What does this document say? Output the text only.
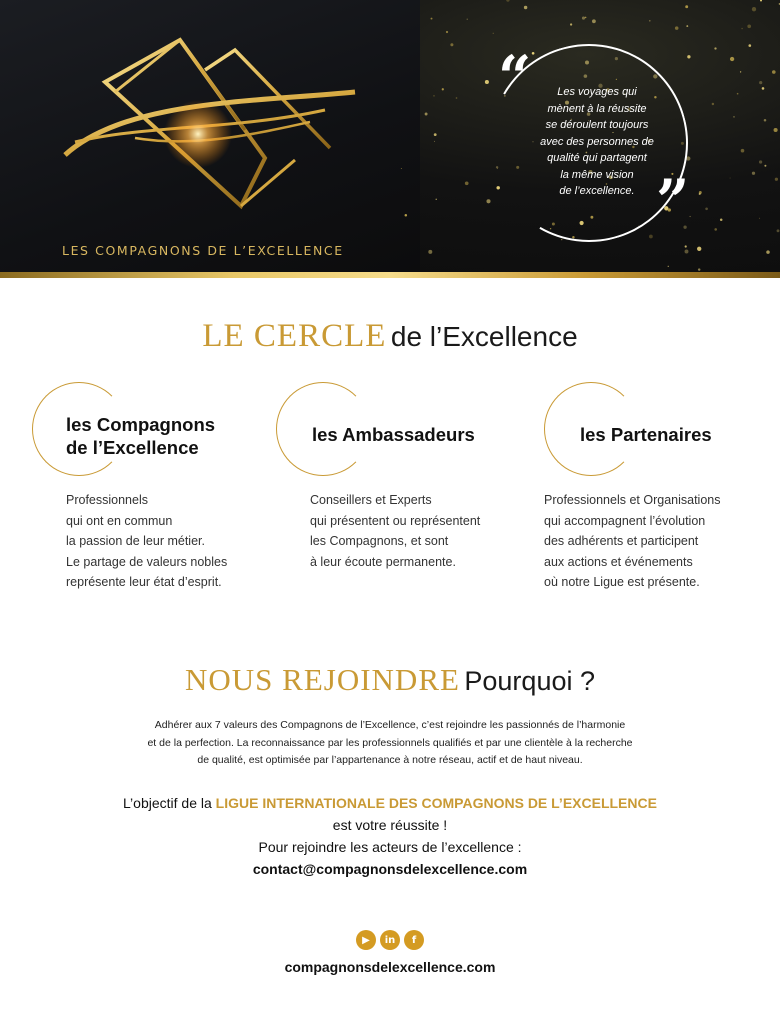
LES COMPAGNONS DE L’EXCELLENCE
“	Les voyages qui
mènent à la réussite
se déroulent toujours
avec des personnes de
qualité qui partagent
la même vision
de l’excellence. ”
LE CERCLE de l’Excellence
les Compagnons
de l’Excellence
Professionnels
qui ont en commun
la passion de leur métier.
Le partage de valeurs nobles
représente leur état d’esprit.
les Ambassadeurs
Conseillers et Experts
qui présentent ou représentent
les Compagnons, et sont
à leur écoute permanente.
les Partenaires
Professionnels et Organisations
qui accompagnent l’évolution
des adhérents et participent
aux actions et événements
où notre Ligue est présente.
NOUS REJOINDRE Pourquoi ?
Adhérer aux 7 valeurs des Compagnons de l’Excellence, c’est rejoindre les passionnés de l’harmonie
et de la perfection. La reconnaissance par les professionnels qualifiés et par une clientèle à la recherche
de qualité, est optimisée par l’appartenance à notre réseau, actif et de haut niveau.
L’objectif de la LIGUE INTERNATIONALE DES COMPAGNONS DE L’EXCELLENCE
est votre réussite !
Pour rejoindre les acteurs de l’excellence :
contact@compagnonsdelexcellence.com
▶	in	f
compagnonsdelexcellence.com
